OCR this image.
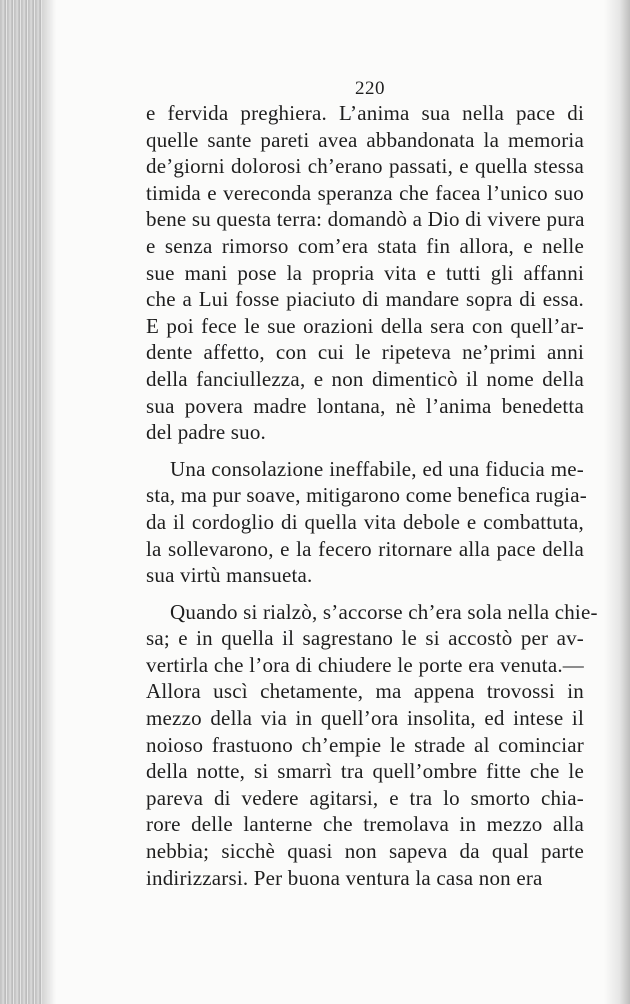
220
e fervida preghiera. L’anima sua nella pace di
quelle sante pareti avea abbandonata la memoria
de’giorni dolorosi ch’erano passati, e quella stessa
timida e vereconda speranza che facea l’unico suo
bene su questa terra: domandò a Dio di vivere pura
e senza rimorso com’era stata fin allora, e nelle
sue mani pose la propria vita e tutti gli affanni
che a Lui fosse piaciuto di mandare sopra di essa.
E poi fece le sue orazioni della sera con quell’ar-
dente affetto, con cui le ripeteva ne’primi anni
della fanciullezza, e non dimenticò il nome della
sua povera madre lontana, nè l’anima benedetta
del padre suo.
Una consolazione ineffabile, ed una fiducia me-
sta, ma pur soave, mitigarono come benefica rugia-
da il cordoglio di quella vita debole e combattuta,
la sollevarono, e la fecero ritornare alla pace della
sua virtù mansueta.
Quando si rialzò, s’accorse ch’era sola nella chie-
sa; e in quella il sagrestano le si accostò per av-
vertirla che l’ora di chiudere le porte era venuta.—
Allora uscì chetamente, ma appena trovossi in
mezzo della via in quell’ora insolita, ed intese il
noioso frastuono ch’empie le strade al cominciar
della notte, si smarrì tra quell’ombre fitte che le
pareva di vedere agitarsi, e tra lo smorto chia-
rore delle lanterne che tremolava in mezzo alla
nebbia; sicchè quasi non sapeva da qual parte
indirizzarsi. Per buona ventura la casa non era
